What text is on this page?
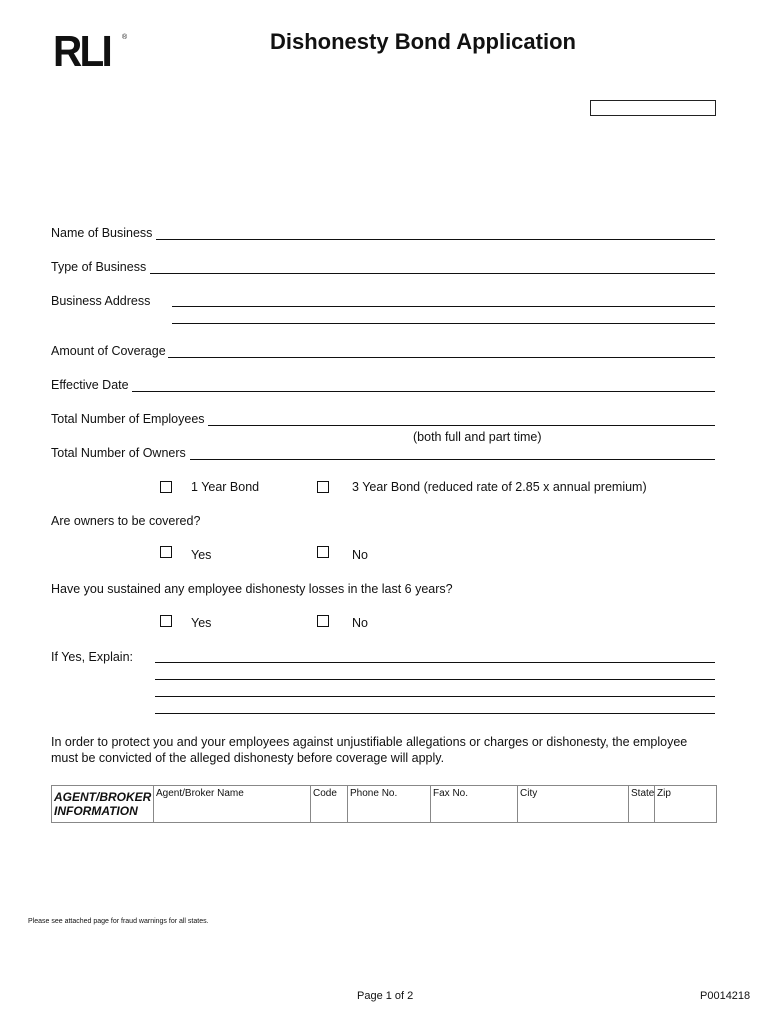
RLI ®	Dishonesty Bond Application
Name of Business
Type of Business
Business Address
Amount of Coverage
Effective Date
Total Number of Employees
(both full and part time)
Total Number of Owners
1 Year Bond	3 Year Bond (reduced rate of 2.85 x annual premium)
Are owners to be covered?
Yes	No
Have you sustained any employee dishonesty losses in the last 6 years?
Yes	No
If Yes, Explain:
In order to protect you and your employees against unjustifiable allegations or charges or dishonesty, the employee must be convicted of the alleged dishonesty before coverage will apply.
AGENT/BROKER INFORMATION	Agent/Broker Name	Code	Phone No.	Fax No.	City	State	Zip
Please see attached page for fraud warnings for all states.
Page 1 of 2	P0014218
